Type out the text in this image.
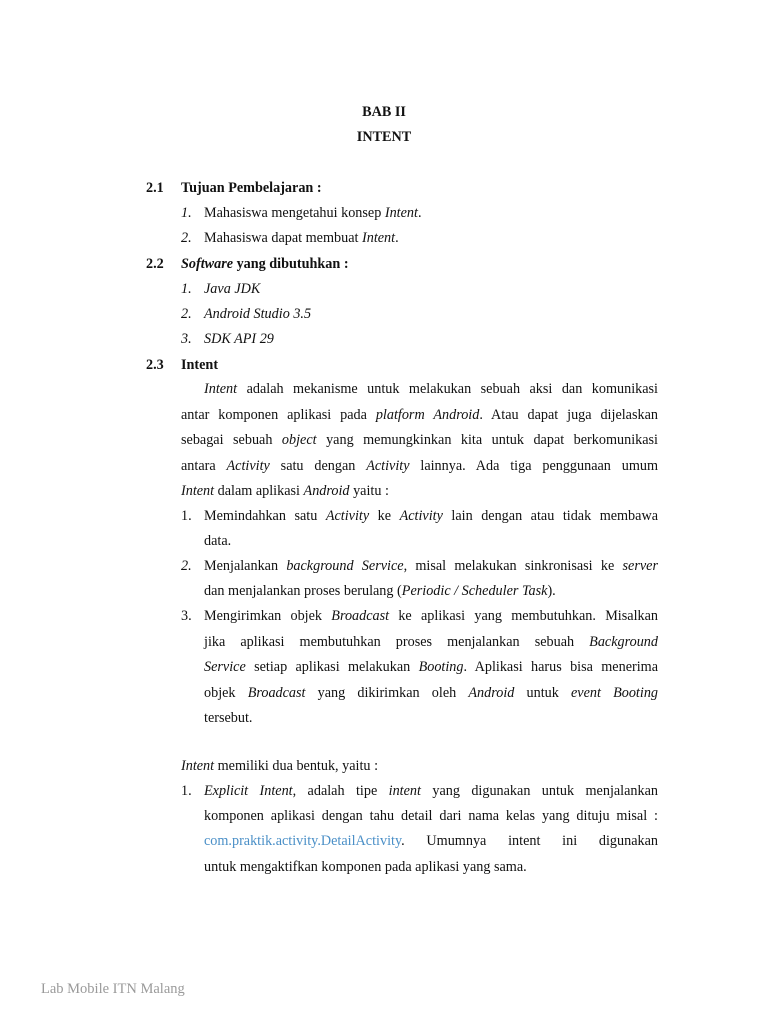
BAB II
INTENT
2.1 Tujuan Pembelajaran :
1. Mahasiswa mengetahui konsep Intent.
2. Mahasiswa dapat membuat Intent.
2.2 Software yang dibutuhkan :
1. Java JDK
2. Android Studio 3.5
3. SDK API 29
2.3 Intent
Intent adalah mekanisme untuk melakukan sebuah aksi dan komunikasi
antar komponen aplikasi pada platform Android. Atau dapat juga dijelaskan
sebagai sebuah object yang memungkinkan kita untuk dapat berkomunikasi
antara Activity satu dengan Activity lainnya. Ada tiga penggunaan umum
Intent dalam aplikasi Android yaitu :
1. Memindahkan satu Activity ke Activity lain dengan atau tidak membawa
data.
2. Menjalankan background Service, misal melakukan sinkronisasi ke server
dan menjalankan proses berulang (Periodic / Scheduler Task).
3. Mengirimkan objek Broadcast ke aplikasi yang membutuhkan. Misalkan
jika aplikasi membutuhkan proses menjalankan sebuah Background
Service setiap aplikasi melakukan Booting. Aplikasi harus bisa menerima
objek Broadcast yang dikirimkan oleh Android untuk event Booting
tersebut.
Intent memiliki dua bentuk, yaitu :
1. Explicit Intent, adalah tipe intent yang digunakan untuk menjalankan
komponen aplikasi dengan tahu detail dari nama kelas yang dituju misal :
com.praktik.activity.DetailActivity. Umumnya intent ini digunakan
untuk mengaktifkan komponen pada aplikasi yang sama.
Lab Mobile ITN Malang
